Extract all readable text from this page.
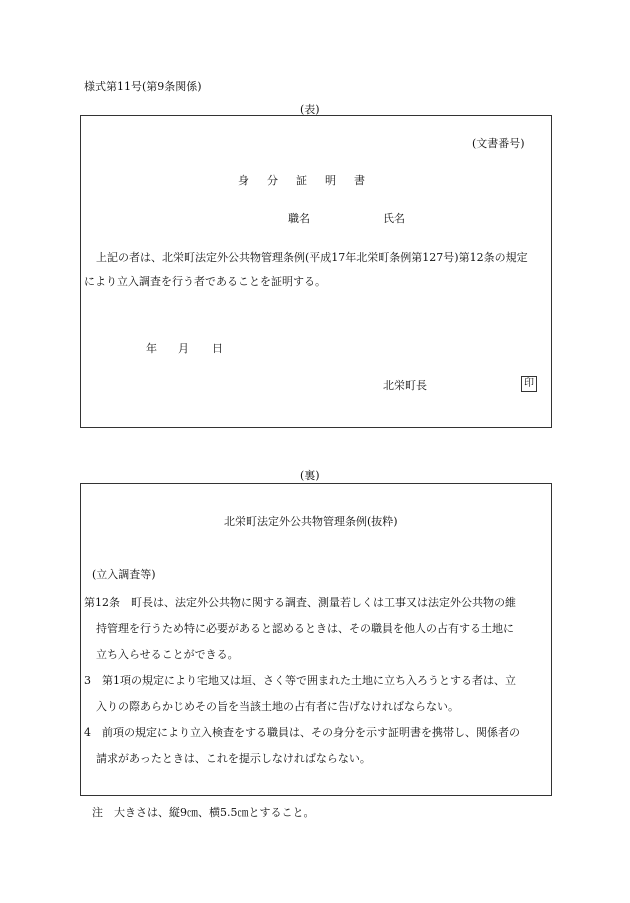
様式第11号(第9条関係)
(表)
(文書番号)
身分証明書
職名	氏名
上記の者は、北栄町法定外公共物管理条例(平成17年北栄町条例第127号)第12条の規定
により立入調査を行う者であることを証明する。
年 月 日
北栄町長	印
(裏)
北栄町法定外公共物管理条例(抜粋)
(立入調査等)
第12条　町長は、法定外公共物に関する調査、測量若しくは工事又は法定外公共物の維
持管理を行うため特に必要があると認めるときは、その職員を他人の占有する土地に
立ち入らせることができる。
3　第1項の規定により宅地又は垣、さく等で囲まれた土地に立ち入ろうとする者は、立
入りの際あらかじめその旨を当該土地の占有者に告げなければならない。
4　前項の規定により立入検査をする職員は、その身分を示す証明書を携帯し、関係者の
請求があったときは、これを提示しなければならない。
注　大きさは、縦9㎝、横5.5㎝とすること。
